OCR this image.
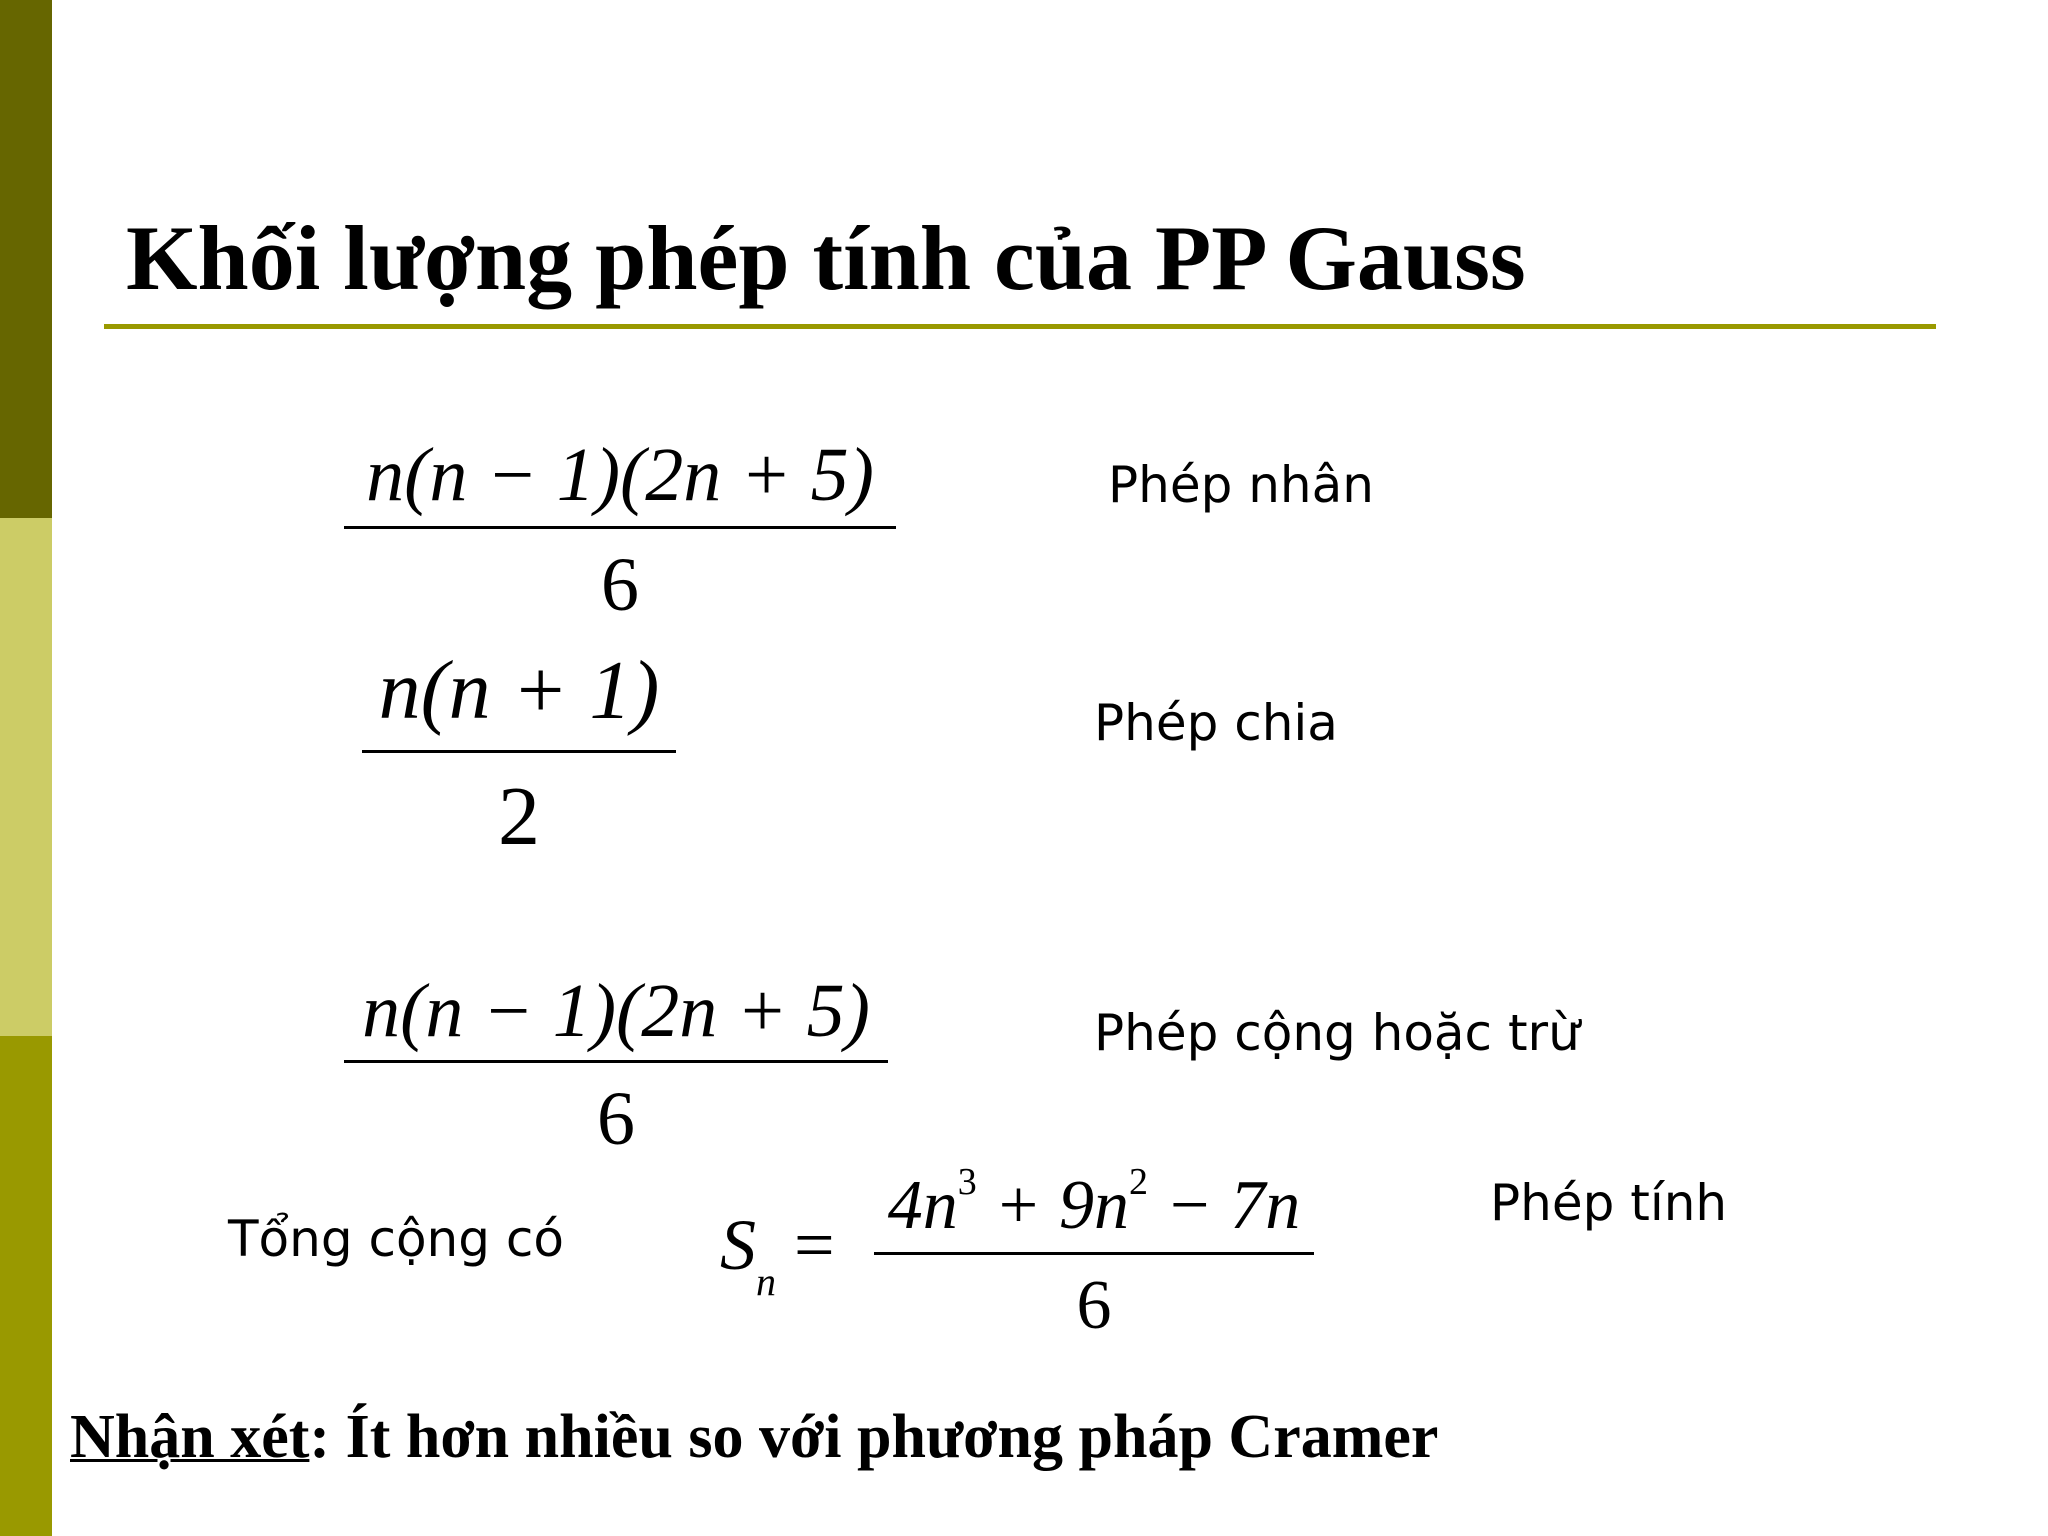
Khối lượng phép tính của PP Gauss
n(n − 1)(2n + 5)
6
Phép nhân
n(n + 1)
2
Phép chia
n(n − 1)(2n + 5)
6
Phép cộng hoặc trừ
Tổng cộng có $S_n = 4n^3 + 9n^2 - 7n$
6
Phép tính
Nhận xét: Ít hơn nhiều so với phương pháp Cramer
